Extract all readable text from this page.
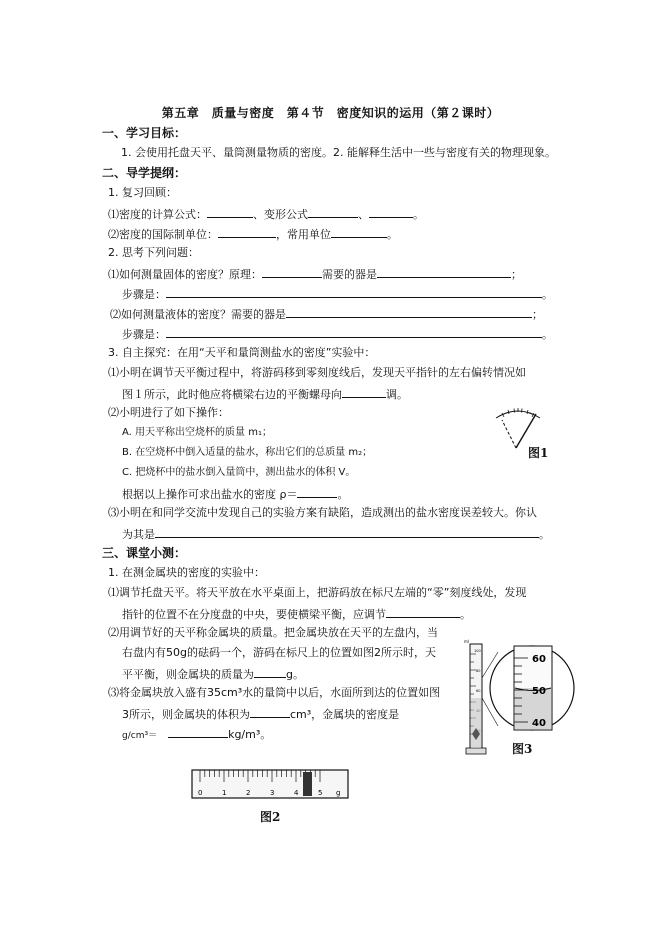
第五章　质量与密度　第４节　密度知识的运用（第２课时）
一、学习目标：
1. 会使用托盘天平、量筒测量物质的密度。2. 能解释生活中一些与密度有关的物理现象。
二、导学提纲：
1. 复习回顾：
⑴密度的计算公式：	、变形公式	、	。
⑵密度的国际制单位：	，常用单位	。
2. 思考下列问题：
⑴如何测量固体的密度？原理：	需要的器是	；
步骤是：	。
⑵如何测量液体的密度？需要的器是	；
步骤是：	。
3. 自主探究：在用“天平和量筒测盐水的密度”实验中：
⑴小明在调节天平衡过程中，将游码移到零刻度线后，发现天平指针的左右偏转情况如
图１所示，此时他应将横梁右边的平衡螺母向	调。
⑵小明进行了如下操作：
A. 用天平称出空烧杯的质量 m₁；
B. 在空烧杯中倒入适量的盐水，称出它们的总质量 m₂；
C. 把烧杯中的盐水倒入量筒中，测出盐水的体积 V。
根据以上操作可求出盐水的密度 ρ＝	。
⑶小明在和同学交流中发现自己的实验方案有缺陷，造成测出的盐水密度误差较大。你认
为其是	。
图1
三、课堂小测：
1. 在测金属块的密度的实验中：
⑴调节托盘天平。将天平放在水平桌面上，把游码放在标尺左端的“零”刻度线处，发现
指针的位置不在分度盘的中央，要使横梁平衡，应调节	。
⑵用调节好的天平称金属块的质量。把金属块放在天平的左盘内，当
右盘内有50g的砝码一个，游码在标尺上的位置如图2所示时，天
平平衡，则金属块的质量为	g。
⑶将金属块放入盛有35cm³水的量筒中以后，水面所到达的位置如图
3所示，则金属块的体积为	cm³，金属块的密度是
g/cm³＝　	kg/m³。
ml
100
80
60
60
50
40
图3
0	1	2	3	4	5 g
图2
